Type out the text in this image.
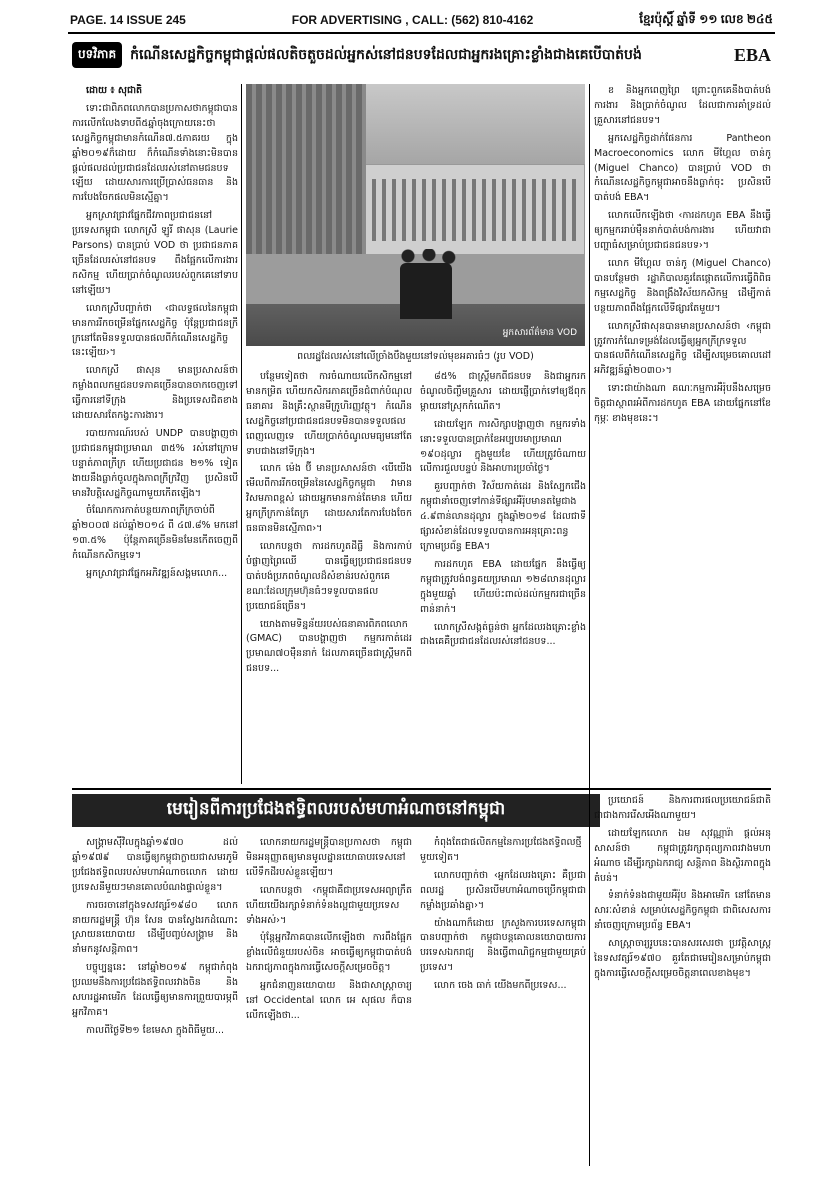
PAGE. 14 ISSUE 245	FOR ADVERTISING , CALL: (562) 810-4162	ខ្មែរប៉ុស្តិ៍ ឆ្នាំទី ១១ លេខ ២៤៥
បទវិភាគ	កំណើនសេដ្ឋកិច្ចកម្ពុជាផ្តល់ផលតិចតួចដល់អ្នកស់នៅជនបទដែលជាអ្នករងគ្រោះខ្លាំងជាងគេបើបាត់បង់	EBA

ដោយ ៖ សុជាតិ

ទោះជាពិភពលោកបានប្រកាសថាកម្ពុជាបានការលើកលែងទាបពី៥ឆ្នាំចុងក្រោយនេះថាសេដ្ឋកិច្ចកម្ពុជាមានកំណើន៧.៥ភាគរយ ក្នុងឆ្នាំ២០១៩ក៏ដោយ ក៏កំណើនទាំងនោះមិនបានផ្តល់ផលដល់ប្រជាជនដែលរស់នៅតាមជនបទឡើយ ដោយសារការប្រើប្រាស់ធនធាន និងការបែងចែកផលមិនស្មើគ្នា។

អ្នកស្រាវជ្រាវផ្នែកជីវភាពប្រជាជននៅប្រទេសកម្ពុជា លោកស្រី ឡូរី ផាសុន (Laurie Parsons) បានប្រាប់ VOD ថា ប្រជាជនភាគច្រើនដែលរស់នៅជនបទ ពឹងផ្អែកលើការងារកសិកម្ម ហើយប្រាក់ចំណូលរបស់ពួកគេនៅទាបនៅឡើយ។

លោកស្រីបញ្ជាក់ថា ‹ជាលទ្ធផលនៃកម្ពុជាមានការរីកចម្រើនផ្នែកសេដ្ឋកិច្ច ប៉ុន្តែប្រជាជនក្រីក្រនៅតែមិនទទួលបានផលពីកំណើនសេដ្ឋកិច្ចនេះឡើយ›។

លោកស្រី ផាសុន មានប្រសាសន៍ថា កម្លាំងពលកម្មជនបទភាគច្រើនបានចាកចេញទៅធ្វើការនៅទីក្រុង និងប្រទេសជិតខាង ដោយសារតែកង្វះការងារ។

របាយការណ៍របស់ UNDP បានបង្ហាញថា ប្រជាជនកម្ពុជាប្រមាណ ៣៥% រស់នៅក្រោមបន្ទាត់ភាពក្រីក្រ ហើយប្រជាជន ២១% ទៀតងាយនឹងធ្លាក់ចូលក្នុងភាពក្រីក្រវិញ ប្រសិនបើមានវិបត្តិសេដ្ឋកិច្ចណាមួយកើតឡើង។

ចំណែកការកាត់បន្ថយភាពក្រីក្រចាប់ពីឆ្នាំ២០០៧ ដល់ឆ្នាំ២០១៤ ពី ៤៧.៨% មកនៅ ១៣.៥% ប៉ុន្តែភាគច្រើនមិនមែនកើតចេញពីកំណើនកសិកម្មទេ។

អ្នកស្រាវជ្រាវផ្នែកអភិវឌ្ឍន៍សង្គមលោក...

អ្នកសារព័ត៌មាន VOD
ពលរដ្ឋដែលរស់នៅលើច្រាំងបឹងមួយនៅទល់មុខអគារធំៗ (រូប VOD)

បន្ថែមទៀតថា ការចំណាយលើកសិកម្មនៅមានកម្រិត ហើយកសិករភាគច្រើនជំពាក់បំណុលធនាគារ និងគ្រឹះស្ថានមីក្រូហិរញ្ញវត្ថុ។ កំណើនសេដ្ឋកិច្ចនៅប្រជាជនជនបទមិនបានទទួលផលពេញលេញទេ ហើយប្រាក់ចំណូលមធ្យមនៅតែទាបជាងនៅទីក្រុង។

លោក ម៉េង ប៊ី មានប្រសាសន៍ថា ‹បើយើងមើលពីការរីកចម្រើននៃសេដ្ឋកិច្ចកម្ពុជា វាមានវិសមភាពខ្ពស់ ដោយអ្នកមានកាន់តែមាន ហើយអ្នកក្រីក្រកាន់តែក្រ ដោយសារតែការបែងចែកធនធានមិនស្មើភាព›។

លោកបន្តថា ការដកហូតដីធ្លី និងការកាប់បំផ្លាញព្រៃឈើ បានធ្វើឲ្យប្រជាជនជនបទបាត់បង់ប្រភពចំណូលដ៏សំខាន់របស់ពួកគេ ខណៈដែលក្រុមហ៊ុនធំៗទទួលបានផលប្រយោជន៍ច្រើន។

យោងតាមទិន្នន័យរបស់ធនាគារពិភពលោក (GMAC) បានបង្ហាញថា កម្មករកាត់ដេរប្រមាណ៧០ម៉ឺននាក់ ដែលភាគច្រើនជាស្ត្រីមកពីជនបទ...

៨៥% ជាស្ត្រីមកពីជនបទ និងជាអ្នករកចំណូលចិញ្ចឹមគ្រួសារ ដោយផ្ញើប្រាក់ទៅឲ្យឪពុកម្តាយនៅស្រុកកំណើត។

ដោយឡែក ការសិក្សាបង្ហាញថា កម្មករទាំងនោះទទួលបានប្រាក់ខែអប្បបរមាប្រមាណ ១៩០ដុល្លារ ក្នុងមួយខែ ហើយត្រូវចំណាយលើការជួលបន្ទប់ និងអាហារប្រចាំថ្ងៃ។

គួរបញ្ជាក់ថា វិស័យកាត់ដេរ និងស្បែកជើងកម្ពុជានាំចេញទៅកាន់ទីផ្សារអឺរ៉ុបមានតម្លៃជាង ៤.៩ពាន់លានដុល្លារ ក្នុងឆ្នាំ២០១៨ ដែលជាទីផ្សារសំខាន់ដែលទទួលបានការអនុគ្រោះពន្ធក្រោមប្រព័ន្ធ EBA។

ការដកហូត EBA ដោយផ្នែក នឹងធ្វើឲ្យកម្ពុជាត្រូវបង់ពន្ធគយប្រមាណ ១២៨លានដុល្លារ ក្នុងមួយឆ្នាំ ហើយប៉ះពាល់ដល់កម្មករជាច្រើនពាន់នាក់។

លោកស្រីសង្កត់ធ្ងន់ថា អ្នកដែលរងគ្រោះខ្លាំងជាងគេគឺប្រជាជនដែលរស់នៅជនបទ...

ខ និងអ្នកពេញព្រៃ ព្រោះពួកគេនឹងបាត់បង់ការងារ និងប្រាក់ចំណូល ដែលជាការគាំទ្រដល់គ្រួសារនៅជនបទ។

អ្នកសេដ្ឋកិច្ចដាក់ផែនការ Pantheon Macroeconomics លោក មីហ្គែល ចាន់កូ (Miguel Chanco) បានប្រាប់ VOD ថា កំណើនសេដ្ឋកិច្ចកម្ពុជាអាចនឹងធ្លាក់ចុះ ប្រសិនបើបាត់បង់ EBA។

លោកលើកឡើងថា ‹ការដកហូត EBA នឹងធ្វើឲ្យកម្មកររាប់ម៉ឺននាក់បាត់បង់ការងារ ហើយវាជាបញ្ហាធំសម្រាប់ប្រជាជនជនបទ›។

លោក មីហ្គែល ចាន់កូ (Miguel Chanco) បានបន្ថែមថា រដ្ឋាភិបាលគួរតែផ្តោតលើការធ្វើពិពិធកម្មសេដ្ឋកិច្ច និងពង្រឹងវិស័យកសិកម្ម ដើម្បីកាត់បន្ថយភាពពឹងផ្អែកលើទីផ្សារតែមួយ។

លោកស្រីផាសុនបានមានប្រសាសន៍ថា ‹កម្ពុជាត្រូវការកំណែទម្រង់ដែលធ្វើឲ្យអ្នកក្រីក្រទទួលបានផលពីកំណើនសេដ្ឋកិច្ច ដើម្បីសម្រេចគោលដៅអភិវឌ្ឍន៍ឆ្នាំ២០៣០›។

ទោះជាយ៉ាងណា គណៈកម្មការអឺរ៉ុបនឹងសម្រេចចិត្តជាស្ថាពរអំពីការដកហូត EBA ដោយផ្នែកនៅខែកុម្ភៈ ខាងមុខនេះ។

មេរៀនពីការប្រជែងឥទ្ធិពលរបស់មហាអំណាចនៅកម្ពុជា

សង្គ្រាមស៊ីវិលក្នុងឆ្នាំ១៩៧០ ដល់ឆ្នាំ១៩៧៩ បានធ្វើឲ្យកម្ពុជាក្លាយជាសមរភូមិប្រជែងឥទ្ធិពលរបស់មហាអំណាចលោក ដោយប្រទេសនីមួយៗមានគោលបំណងផ្ទាល់ខ្លួន។

ការចរចានៅក្នុងទសវត្សរ៍១៩៨០ លោកនាយករដ្ឋមន្ត្រី ហ៊ុន សែន បានស្វែងរកដំណោះស្រាយនយោបាយ ដើម្បីបញ្ចប់សង្គ្រាម និងនាំមកនូវសន្តិភាព។

បច្ចុប្បន្ននេះ នៅឆ្នាំ២០១៩ កម្ពុជាកំពុងប្រឈមនឹងការប្រជែងឥទ្ធិពលរវាងចិន និងសហរដ្ឋអាមេរិក ដែលធ្វើឲ្យមានការព្រួយបារម្ភពីអ្នកវិភាគ។

កាលពីថ្ងៃទី២១ ខែមេសា ក្នុងពិធីមួយ...

លោកនាយករដ្ឋមន្ត្រីបានប្រកាសថា កម្ពុជាមិនអនុញ្ញាតឲ្យមានមូលដ្ឋានយោធាបរទេសនៅលើទឹកដីរបស់ខ្លួនឡើយ។

លោកបន្តថា ‹កម្ពុជាគឺជាប្រទេសអព្យាក្រឹត ហើយយើងរក្សាទំនាក់ទំនងល្អជាមួយប្រទេសទាំងអស់›។

ប៉ុន្តែអ្នកវិភាគបានលើកឡើងថា ការពឹងផ្អែកខ្លាំងលើជំនួយរបស់ចិន អាចធ្វើឲ្យកម្ពុជាបាត់បង់ឯករាជ្យភាពក្នុងការធ្វើសេចក្តីសម្រេចចិត្ត។

អ្នកជំនាញនយោបាយ និងជាសាស្ត្រាចារ្យនៅ Occidental លោក អេ សុផល ក៏បានលើកឡើងថា...

កំពុងតែជាផលិតកម្មនៃការប្រជែងឥទ្ធិពលថ្មីមួយទៀត។

លោកបញ្ជាក់ថា ‹អ្នកដែលរងគ្រោះ គឺប្រជាពលរដ្ឋ ប្រសិនបើមហាអំណាចប្រើកម្ពុជាជាកម្លាំងប្រឆាំងគ្នា›។

យ៉ាងណាក៏ដោយ ក្រសួងការបរទេសកម្ពុជាបានបញ្ជាក់ថា កម្ពុជាបន្តគោលនយោបាយការបរទេសឯករាជ្យ និងធ្វើពាណិជ្ជកម្មជាមួយគ្រប់ប្រទេស។

លោក ចេង ធាក់ យើងមកពីប្រទេស...

ប្រយោជន៍ និងការពារផលប្រយោជន៍ជាតិ ជាជាងការរើសអើងណាមួយ។

ដោយឡែកលោក ឯម សុវណ្ណារ៉ា ផ្តល់អនុសាសន៍ថា កម្ពុជាត្រូវរក្សាតុល្យភាពរវាងមហាអំណាច ដើម្បីរក្សាឯករាជ្យ សន្តិភាព និងស្ថិរភាពក្នុងតំបន់។

ទំនាក់ទំនងជាមួយអឺរ៉ុប និងអាមេរិក នៅតែមានសារៈសំខាន់ សម្រាប់សេដ្ឋកិច្ចកម្ពុជា ជាពិសេសការនាំចេញក្រោមប្រព័ន្ធ EBA។

សាស្ត្រាចារ្យរូបនេះបានសរសេរថា ប្រវត្តិសាស្ត្រនៃទសវត្សរ៍១៩៧០ គួរតែជាមេរៀនសម្រាប់កម្ពុជាក្នុងការធ្វើសេចក្តីសម្រេចចិត្តនាពេលខាងមុខ។
